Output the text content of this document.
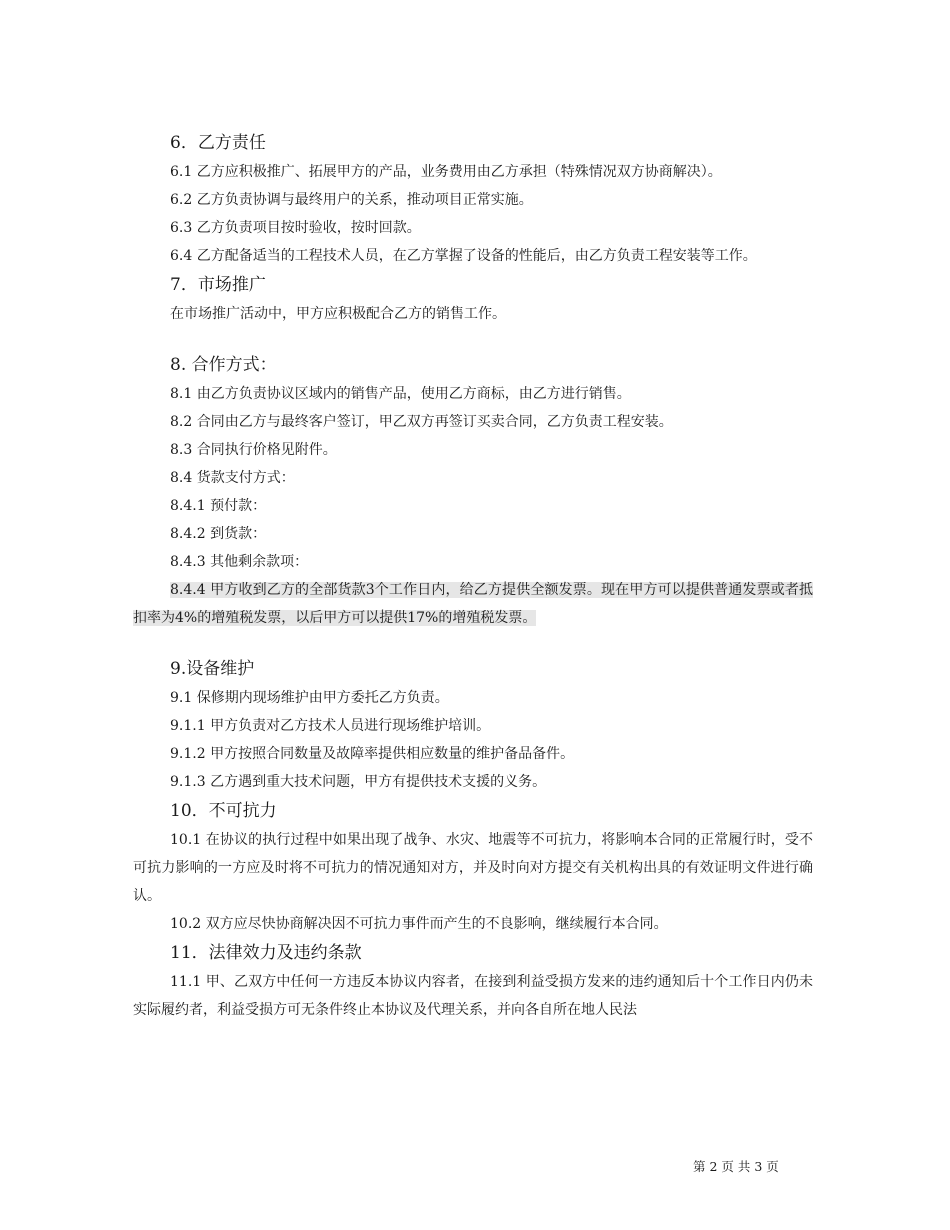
6．乙方责任
6.1 乙方应积极推广、拓展甲方的产品，业务费用由乙方承担（特殊情况双方协商解决）。
6.2 乙方负责协调与最终用户的关系，推动项目正常实施。
6.3 乙方负责项目按时验收，按时回款。
6.4 乙方配备适当的工程技术人员，在乙方掌握了设备的性能后，由乙方负责工程安装等工作。
7．市场推广
在市场推广活动中，甲方应积极配合乙方的销售工作。
8. 合作方式：
8.1 由乙方负责协议区域内的销售产品，使用乙方商标，由乙方进行销售。
8.2 合同由乙方与最终客户签订，甲乙双方再签订买卖合同，乙方负责工程安装。
8.3 合同执行价格见附件。
8.4 货款支付方式：
8.4.1 预付款：
8.4.2 到货款：
8.4.3 其他剩余款项：
8.4.4 甲方收到乙方的全部货款3个工作日内，给乙方提供全额发票。现在甲方可以提供普通发票或者抵扣率为4%的增殖税发票，以后甲方可以提供17%的增殖税发票。
9.设备维护
9.1 保修期内现场维护由甲方委托乙方负责。
9.1.1 甲方负责对乙方技术人员进行现场维护培训。
9.1.2 甲方按照合同数量及故障率提供相应数量的维护备品备件。
9.1.3 乙方遇到重大技术问题，甲方有提供技术支援的义务。
10．不可抗力
10.1 在协议的执行过程中如果出现了战争、水灾、地震等不可抗力，将影响本合同的正常履行时，受不可抗力影响的一方应及时将不可抗力的情况通知对方，并及时向对方提交有关机构出具的有效证明文件进行确认。
10.2 双方应尽快协商解决因不可抗力事件而产生的不良影响，继续履行本合同。
11．法律效力及违约条款
11.1 甲、乙双方中任何一方违反本协议内容者，在接到利益受损方发来的违约通知后十个工作日内仍未实际履约者，利益受损方可无条件终止本协议及代理关系，并向各自所在地人民法
第 2 页 共 3 页
